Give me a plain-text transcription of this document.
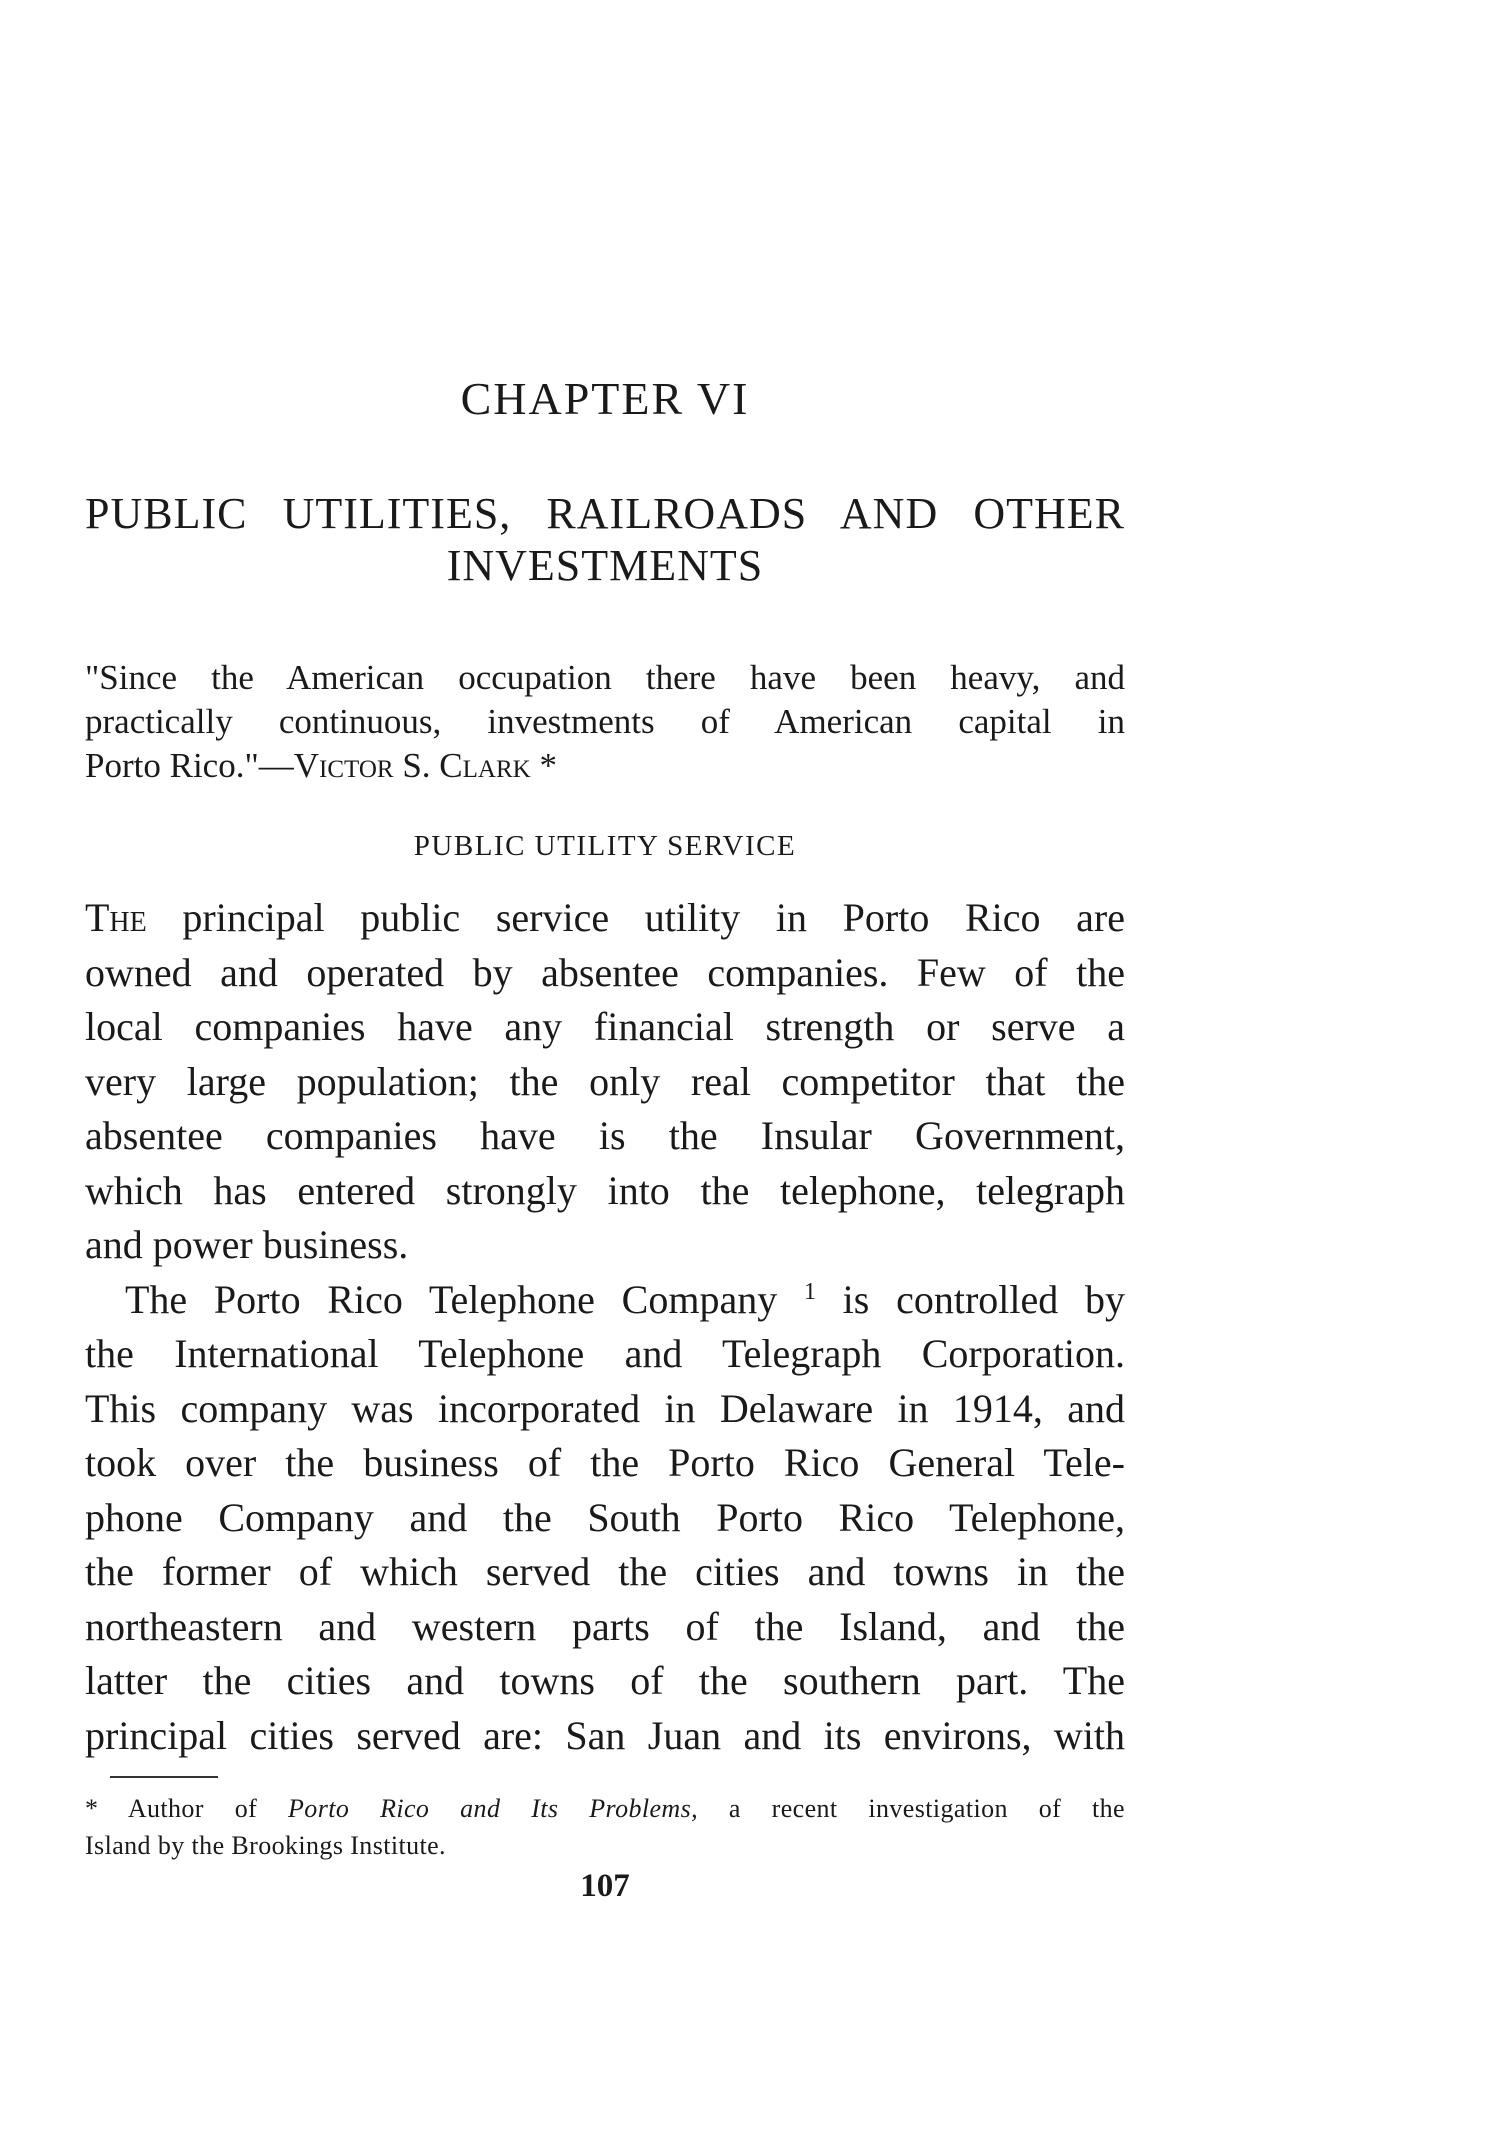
CHAPTER VI
PUBLIC UTILITIES, RAILROADS AND OTHER
INVESTMENTS
"Since the American occupation there have been heavy, and
practically continuous, investments of American capital in
Porto Rico."—Victor S. Clark *
PUBLIC UTILITY SERVICE
The principal public service utility in Porto Rico are
owned and operated by absentee companies. Few of the
local companies have any financial strength or serve a
very large population; the only real competitor that the
absentee companies have is the Insular Government,
which has entered strongly into the telephone, telegraph
and power business.
The Porto Rico Telephone Company $^1$ is controlled by
the International Telephone and Telegraph Corporation.
This company was incorporated in Delaware in 1914, and
took over the business of the Porto Rico General Tele-
phone Company and the South Porto Rico Telephone,
the former of which served the cities and towns in the
northeastern and western parts of the Island, and the
latter the cities and towns of the southern part. The
principal cities served are: San Juan and its environs, with
* Author of Porto Rico and Its Problems, a recent investigation of the
Island by the Brookings Institute.
107
